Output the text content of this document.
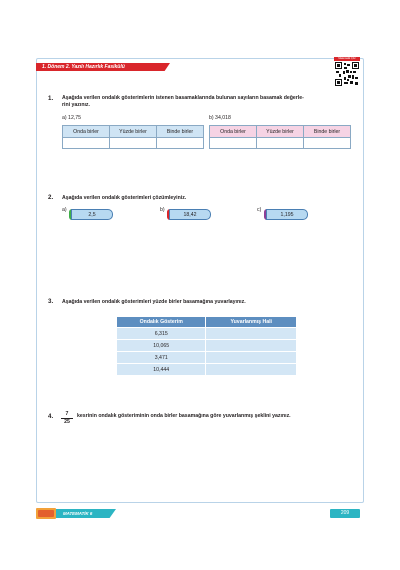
1. Dönem 2. Yazılı Hazırlık Fasikülü
Matematik Çöz
1. Aşağıda verilen ondalık gösterimlerin istenen basamaklarında bulunan sayıların basamak değerle-
rini yazınız.
a) 12,75
Onda birler	Yüzde birler	Binde birler

b) 34,018
Onda birler	Yüzde birler	Binde birler

2. Aşağıda verilen ondalık gösterimleri çözümleyiniz.
a)
2,5
b)
18,42
c)
1,195
3. Aşağıda verilen ondalık gösterimleri yüzde birler basamağına yuvarlayınız.
Ondalık Gösterim	Yuvarlanmış Hali
6,315	
10,065	
3,471	
10,444	
4.	7
25
kesrinin ondalık gösteriminin onda birler basamağına göre yuvarlanmış şeklini yazınız.
MATEMATİK 6	209
